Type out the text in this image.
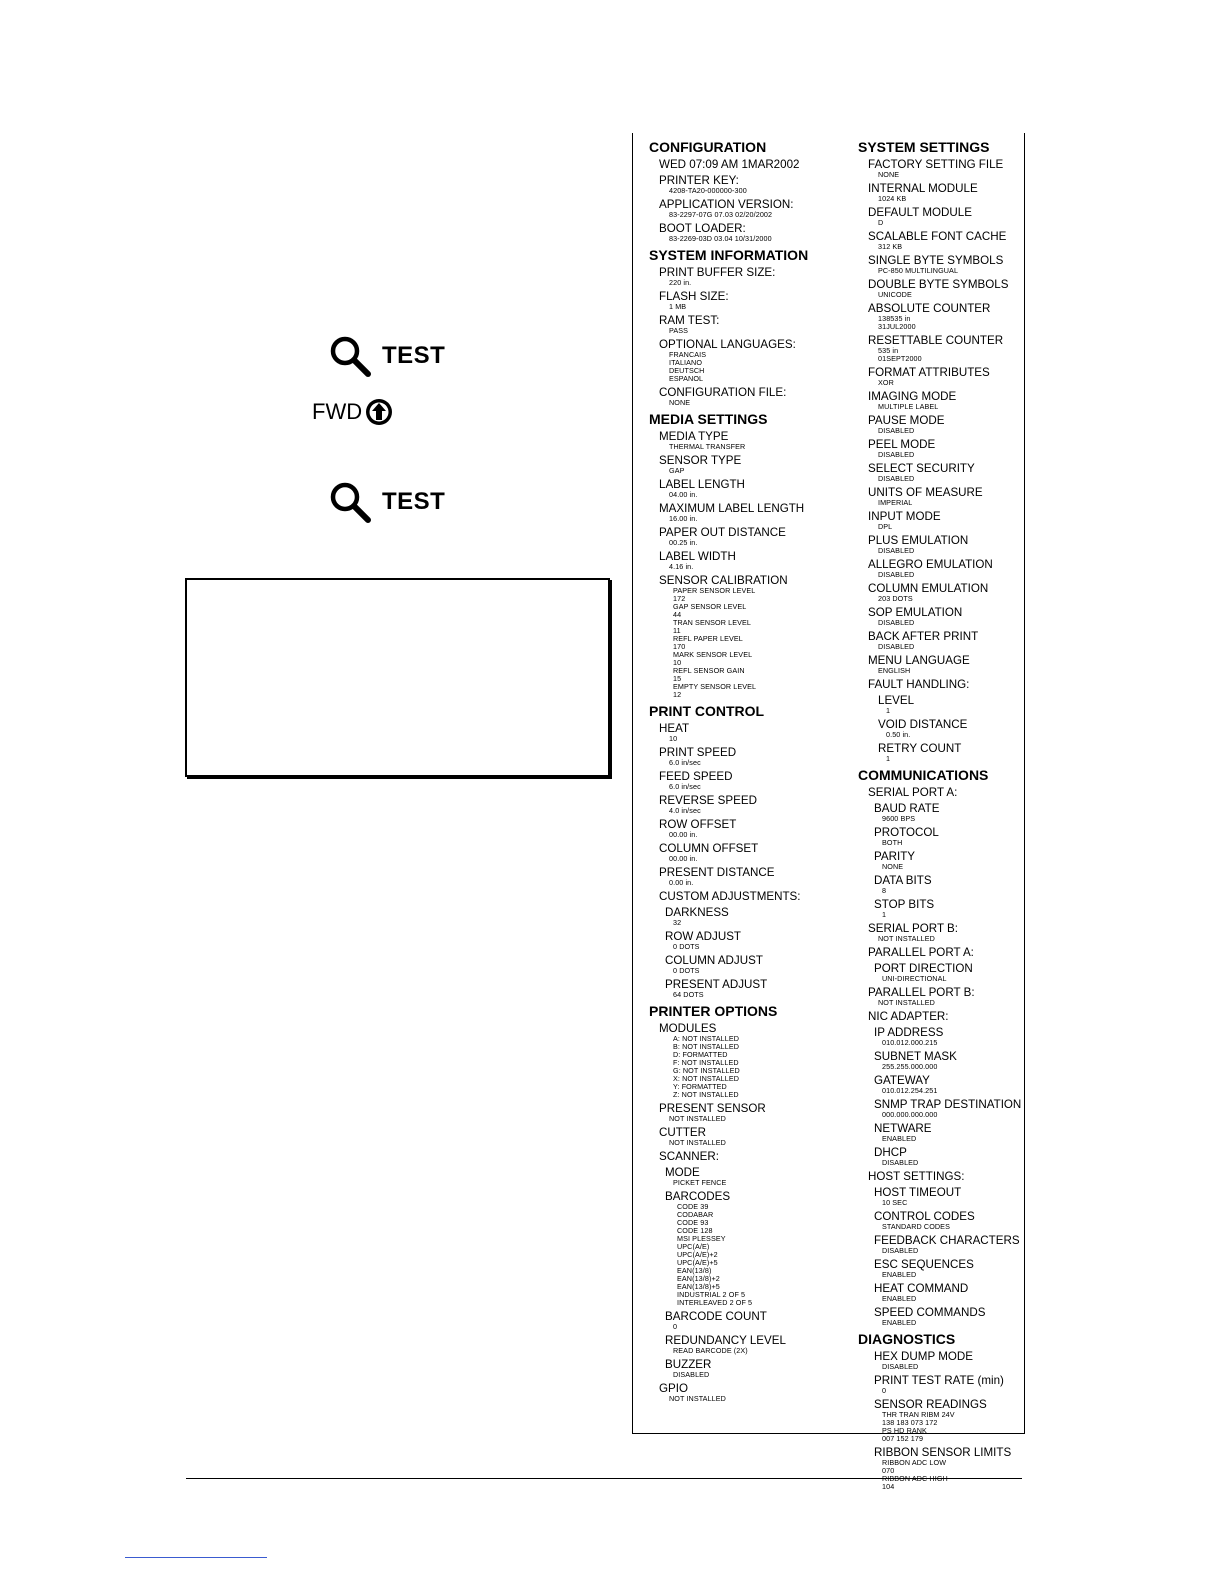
TEST
FWD
TEST
CONFIGURATION
WED 07:09 AM 1MAR2002
PRINTER KEY:
4208-TA20-000000-300
APPLICATION VERSION:
83-2297-07G 07.03 02/20/2002
BOOT LOADER:
83-2269-03D 03.04 10/31/2000
SYSTEM INFORMATION
PRINT BUFFER SIZE:
220 in.
FLASH SIZE:
1 MB
RAM TEST:
PASS
OPTIONAL LANGUAGES:
FRANCAIS
ITALIANO
DEUTSCH
ESPANOL
CONFIGURATION FILE:
NONE
MEDIA SETTINGS
MEDIA TYPE
THERMAL TRANSFER
SENSOR TYPE
GAP
LABEL LENGTH
04.00 in.
MAXIMUM LABEL LENGTH
16.00 in.
PAPER OUT DISTANCE
00.25 in.
LABEL WIDTH
4.16 in.
SENSOR CALIBRATION
PAPER SENSOR LEVEL
172
GAP SENSOR LEVEL
44
TRAN SENSOR LEVEL
11
REFL PAPER LEVEL
170
MARK SENSOR LEVEL
10
REFL SENSOR GAIN
15
EMPTY SENSOR LEVEL
12
PRINT CONTROL
HEAT
10
PRINT SPEED
6.0 in/sec
FEED SPEED
6.0 in/sec
REVERSE SPEED
4.0 in/sec
ROW OFFSET
00.00 in.
COLUMN OFFSET
00.00 in.
PRESENT DISTANCE
0.00 in.
CUSTOM ADJUSTMENTS:
DARKNESS
32
ROW ADJUST
0 DOTS
COLUMN ADJUST
0 DOTS
PRESENT ADJUST
64 DOTS
PRINTER OPTIONS
MODULES
A: NOT INSTALLED
B: NOT INSTALLED
D: FORMATTED
F: NOT INSTALLED
G: NOT INSTALLED
X: NOT INSTALLED
Y: FORMATTED
Z: NOT INSTALLED
PRESENT SENSOR
NOT INSTALLED
CUTTER
NOT INSTALLED
SCANNER:
MODE
PICKET FENCE
BARCODES
CODE 39
CODABAR
CODE 93
CODE 128
MSI PLESSEY
UPC(A/E)
UPC(A/E)+2
UPC(A/E)+5
EAN(13/8)
EAN(13/8)+2
EAN(13/8)+5
INDUSTRIAL 2 OF 5
INTERLEAVED 2 OF 5
BARCODE COUNT
0
REDUNDANCY LEVEL
READ BARCODE (2X)
BUZZER
DISABLED
GPIO
NOT INSTALLED
SYSTEM SETTINGS
FACTORY SETTING FILE
NONE
INTERNAL MODULE
1024 KB
DEFAULT MODULE
D
SCALABLE FONT CACHE
312 KB
SINGLE BYTE SYMBOLS
PC-850 MULTILINGUAL
DOUBLE BYTE SYMBOLS
UNICODE
ABSOLUTE COUNTER
138535 in
31JUL2000
RESETTABLE COUNTER
535 in
01SEPT2000
FORMAT ATTRIBUTES
XOR
IMAGING MODE
MULTIPLE LABEL
PAUSE MODE
DISABLED
PEEL MODE
DISABLED
SELECT SECURITY
DISABLED
UNITS OF MEASURE
IMPERIAL
INPUT MODE
DPL
PLUS EMULATION
DISABLED
ALLEGRO EMULATION
DISABLED
COLUMN EMULATION
203 DOTS
SOP EMULATION
DISABLED
BACK AFTER PRINT
DISABLED
MENU LANGUAGE
ENGLISH
FAULT HANDLING:
LEVEL
1
VOID DISTANCE
0.50 in.
RETRY COUNT
1
COMMUNICATIONS
SERIAL PORT A:
BAUD RATE
9600 BPS
PROTOCOL
BOTH
PARITY
NONE
DATA BITS
8
STOP BITS
1
SERIAL PORT B:
NOT INSTALLED
PARALLEL PORT A:
PORT DIRECTION
UNI-DIRECTIONAL
PARALLEL PORT B:
NOT INSTALLED
NIC ADAPTER:
IP ADDRESS
010.012.000.215
SUBNET MASK
255.255.000.000
GATEWAY
010.012.254.251
SNMP TRAP DESTINATION
000.000.000.000
NETWARE
ENABLED
DHCP
DISABLED
HOST SETTINGS:
HOST TIMEOUT
10 SEC
CONTROL CODES
STANDARD CODES
FEEDBACK CHARACTERS
DISABLED
ESC SEQUENCES
ENABLED
HEAT COMMAND
ENABLED
SPEED COMMANDS
ENABLED
DIAGNOSTICS
HEX DUMP MODE
DISABLED
PRINT TEST RATE (min)
0
SENSOR READINGS
THR TRAN RIBM 24V
138 183 073 172
PS HD RANK
007 152 179
RIBBON SENSOR LIMITS
RIBBON ADC LOW
070
RIBBON ADC HIGH
104
